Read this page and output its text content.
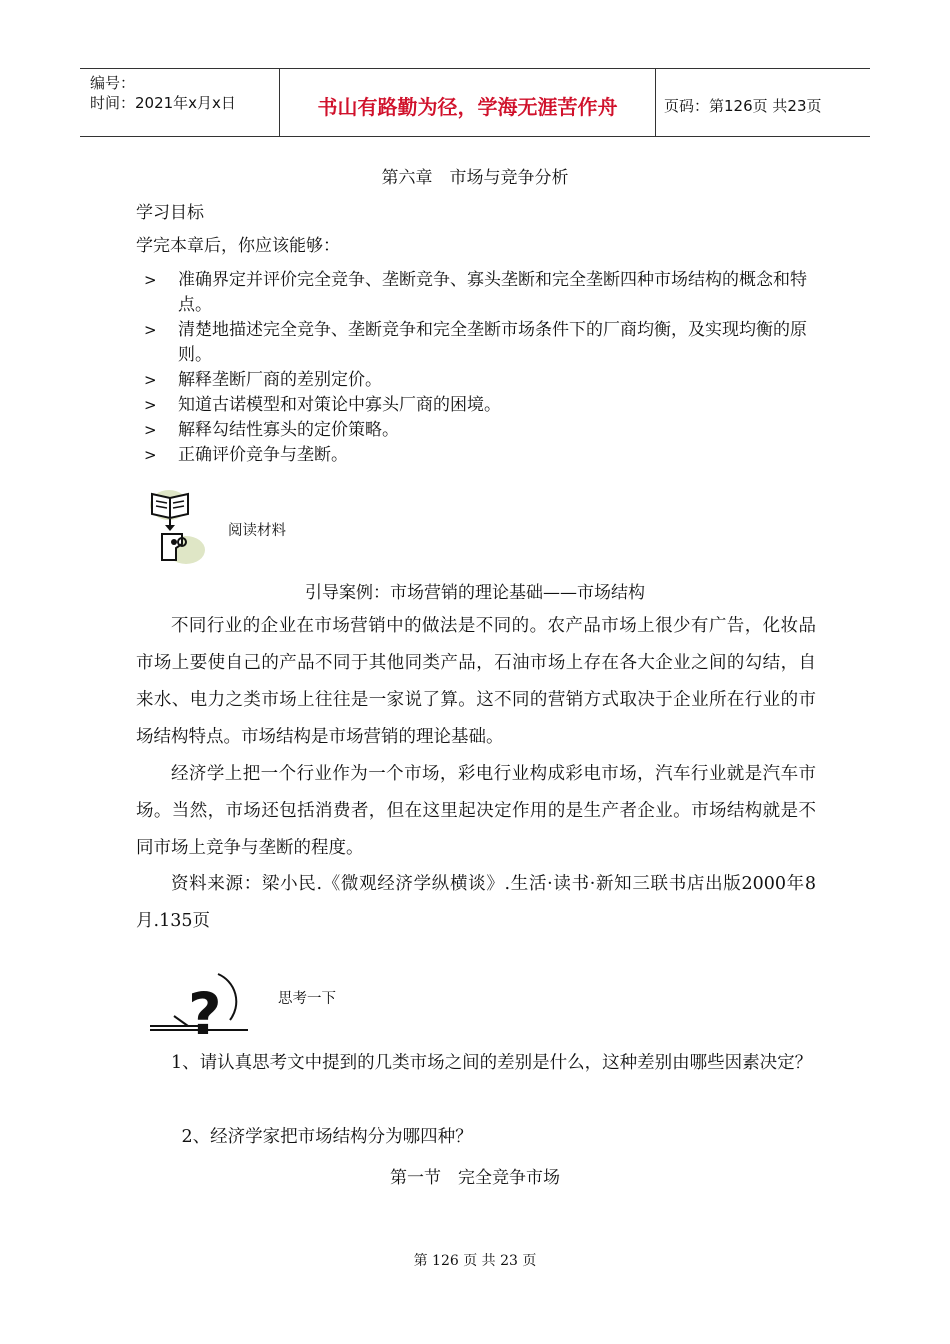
编号：
时间：2021年x月x日	书山有路勤为径，学海无涯苦作舟	页码：第126页 共23页
第六章　市场与竞争分析
学习目标
学完本章后，你应该能够：
> 准确界定并评价完全竞争、垄断竞争、寡头垄断和完全垄断四种市场结构的概念和特点。
> 清楚地描述完全竞争、垄断竞争和完全垄断市场条件下的厂商均衡，及实现均衡的原则。
> 解释垄断厂商的差别定价。
> 知道古诺模型和对策论中寡头厂商的困境。
> 解释勾结性寡头的定价策略。
> 正确评价竞争与垄断。
阅读材料
引导案例：市场营销的理论基础——市场结构
不同行业的企业在市场营销中的做法是不同的。农产品市场上很少有广告，化妆品市场上要使自己的产品不同于其他同类产品，石油市场上存在各大企业之间的勾结，自来水、电力之类市场上往往是一家说了算。这不同的营销方式取决于企业所在行业的市场结构特点。市场结构是市场营销的理论基础。
经济学上把一个行业作为一个市场，彩电行业构成彩电市场，汽车行业就是汽车市场。当然，市场还包括消费者，但在这里起决定作用的是生产者企业。市场结构就是不同市场上竞争与垄断的程度。
资料来源：梁小民.《微观经济学纵横谈》.生活·读书·新知三联书店出版2000年8月.135页
?	思考一下
1、请认真思考文中提到的几类市场之间的差别是什么，这种差别由哪些因素决定？
2、经济学家把市场结构分为哪四种？
第一节　完全竞争市场
第 126 页 共 23 页
